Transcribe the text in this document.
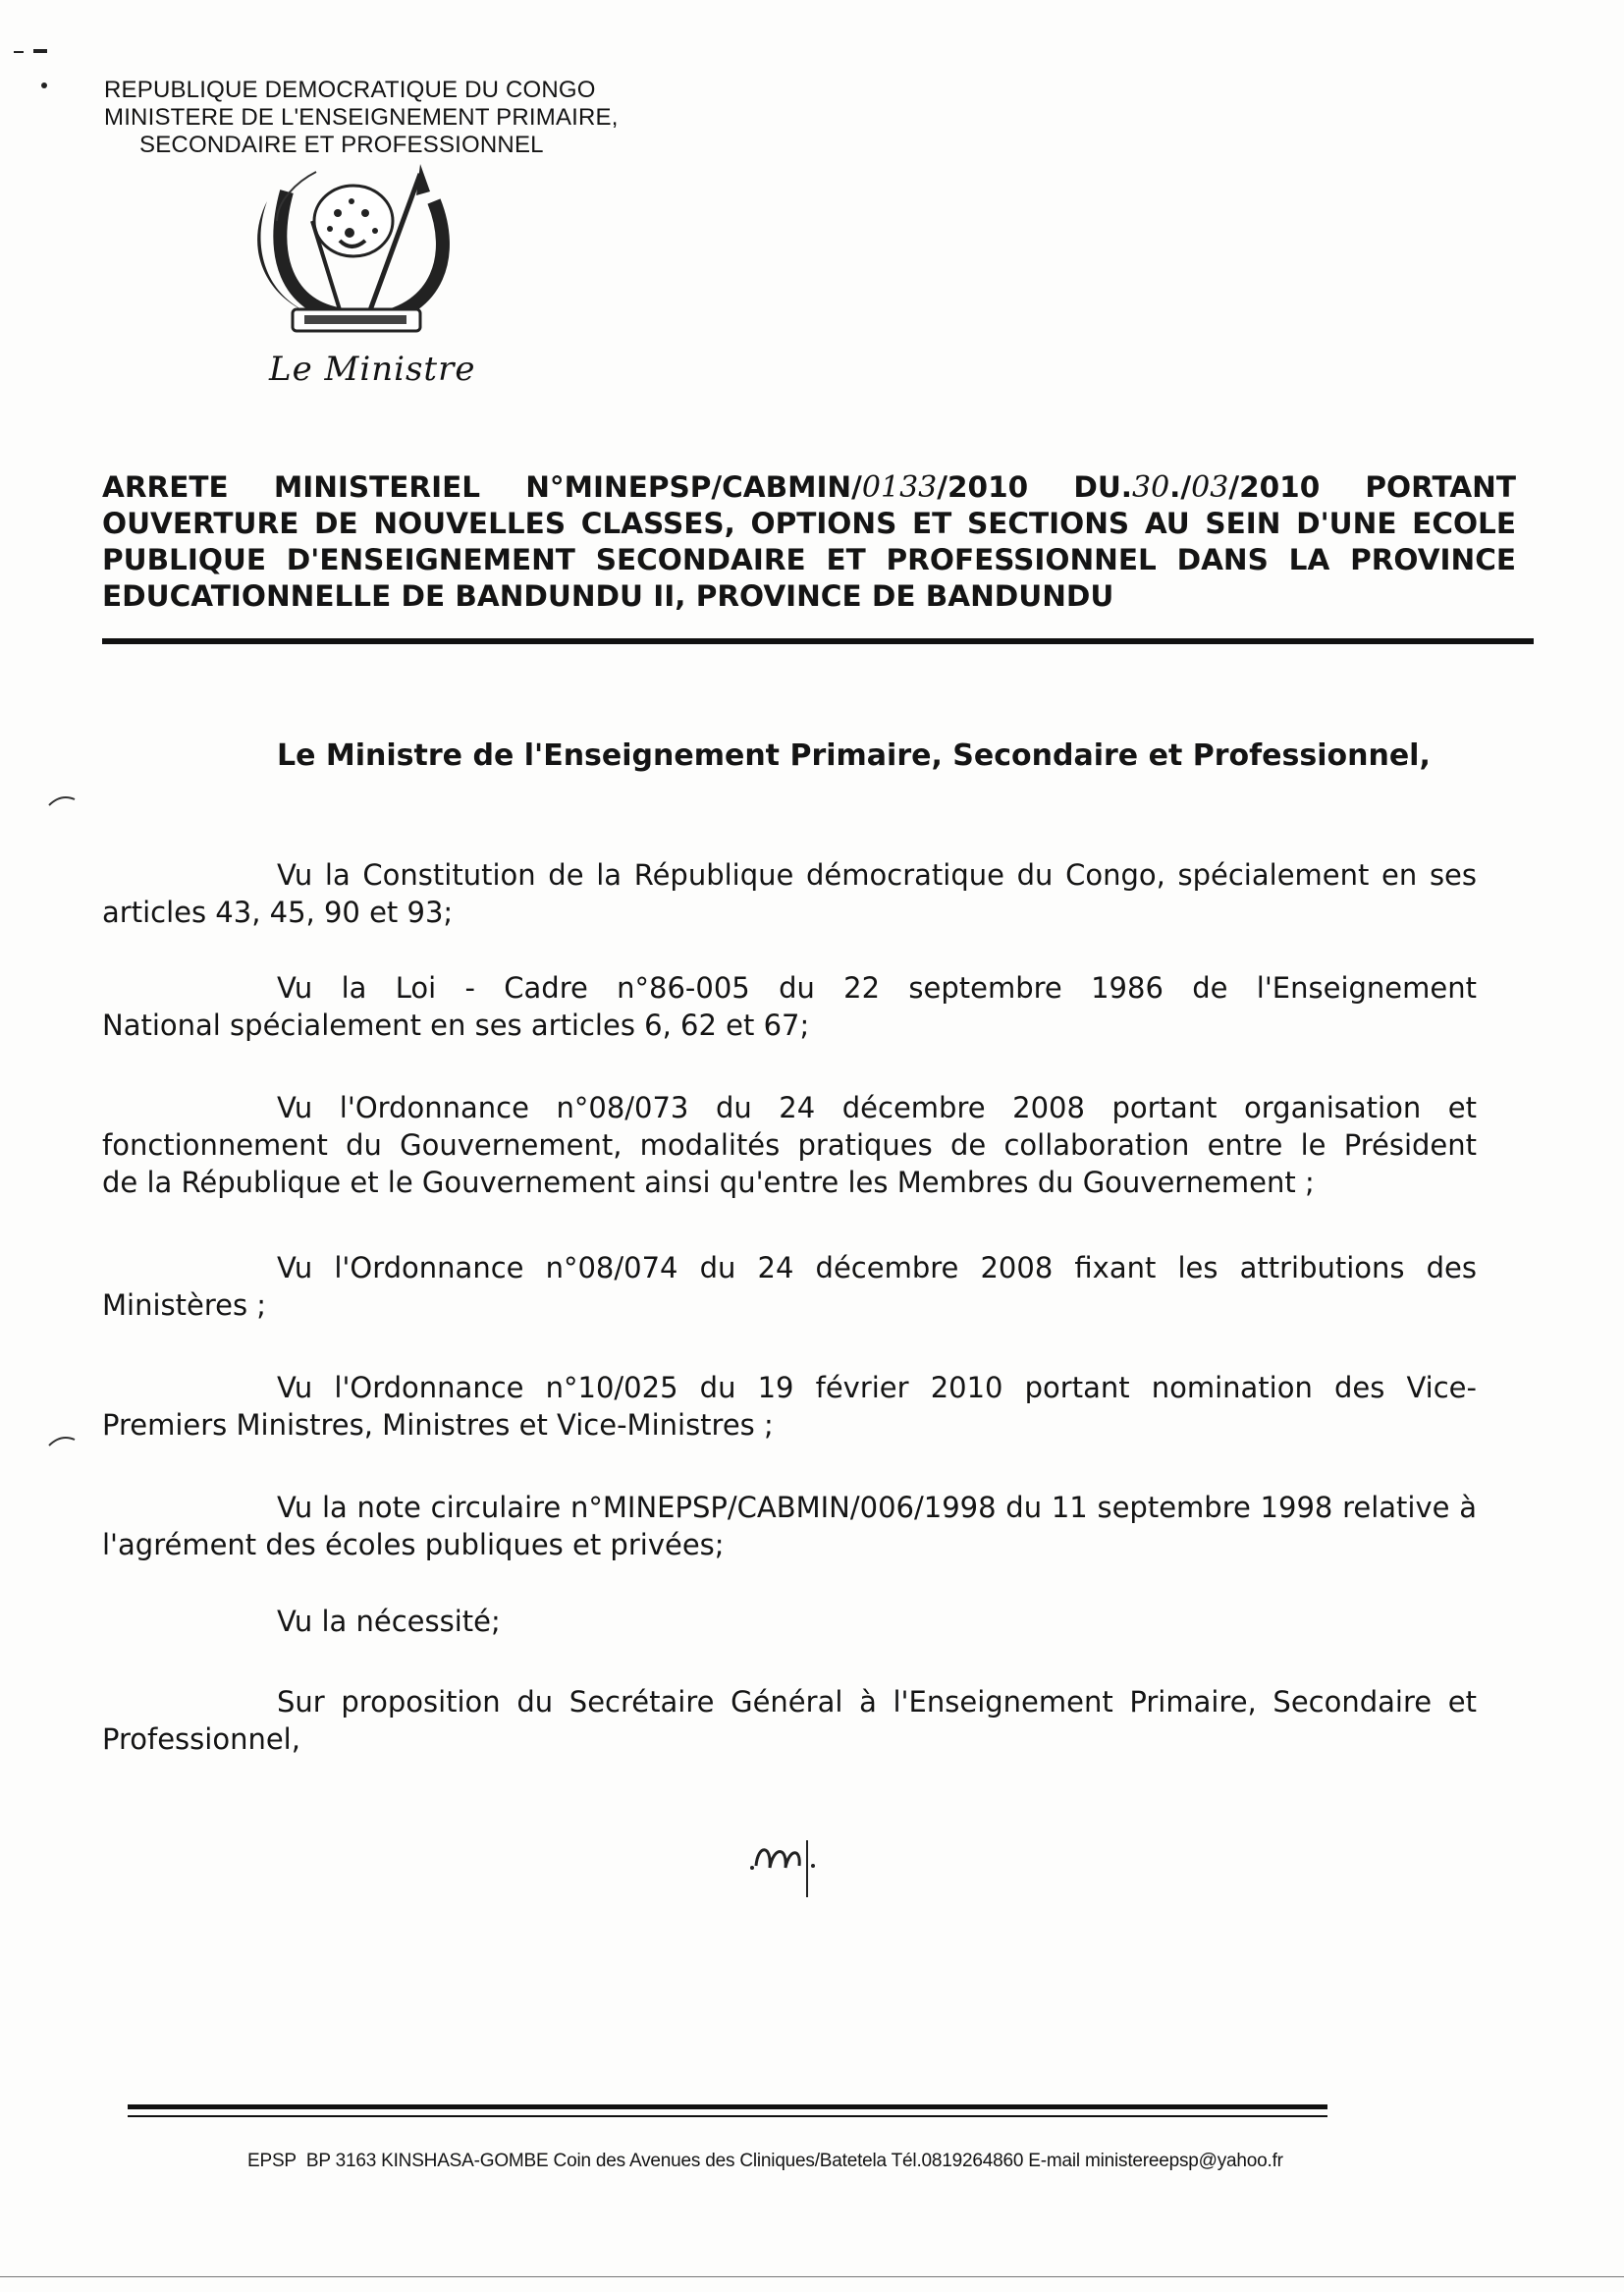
REPUBLIQUE DEMOCRATIQUE DU CONGO
MINISTERE DE L'ENSEIGNEMENT PRIMAIRE,
SECONDAIRE ET PROFESSIONNEL
Le Ministre
ARRETE MINISTERIEL N°MINEPSP/CABMIN/0133/2010 DU.30./03/2010 PORTANT
OUVERTURE DE NOUVELLES CLASSES, OPTIONS ET SECTIONS AU SEIN D'UNE ECOLE
PUBLIQUE D'ENSEIGNEMENT SECONDAIRE ET PROFESSIONNEL DANS LA PROVINCE
EDUCATIONNELLE DE BANDUNDU II, PROVINCE DE BANDUNDU
Le Ministre de l'Enseignement Primaire, Secondaire et Professionnel,
Vu la Constitution de la République démocratique du Congo, spécialement en ses
articles 43, 45, 90 et 93;
Vu la Loi - Cadre n°86-005 du 22 septembre 1986 de l'Enseignement
National spécialement en ses articles 6, 62 et 67;
Vu l'Ordonnance n°08/073 du 24 décembre 2008 portant organisation et
fonctionnement du Gouvernement, modalités pratiques de collaboration entre le Président
de la République et le Gouvernement ainsi qu'entre les Membres du Gouvernement ;
Vu l'Ordonnance n°08/074 du 24 décembre 2008 fixant les attributions des
Ministères ;
Vu l'Ordonnance n°10/025 du 19 février 2010 portant nomination des Vice-
Premiers Ministres, Ministres et Vice-Ministres ;
Vu la note circulaire n°MINEPSP/CABMIN/006/1998 du 11 septembre 1998 relative à
l'agrément des écoles publiques et privées;
Vu la nécessité;
Sur proposition du Secrétaire Général à l'Enseignement Primaire, Secondaire et
Professionnel,
EPSP BP 3163 KINSHASA-GOMBE Coin des Avenues des Cliniques/Batetela Tél.0819264860 E-mail ministereepsp@yahoo.fr
